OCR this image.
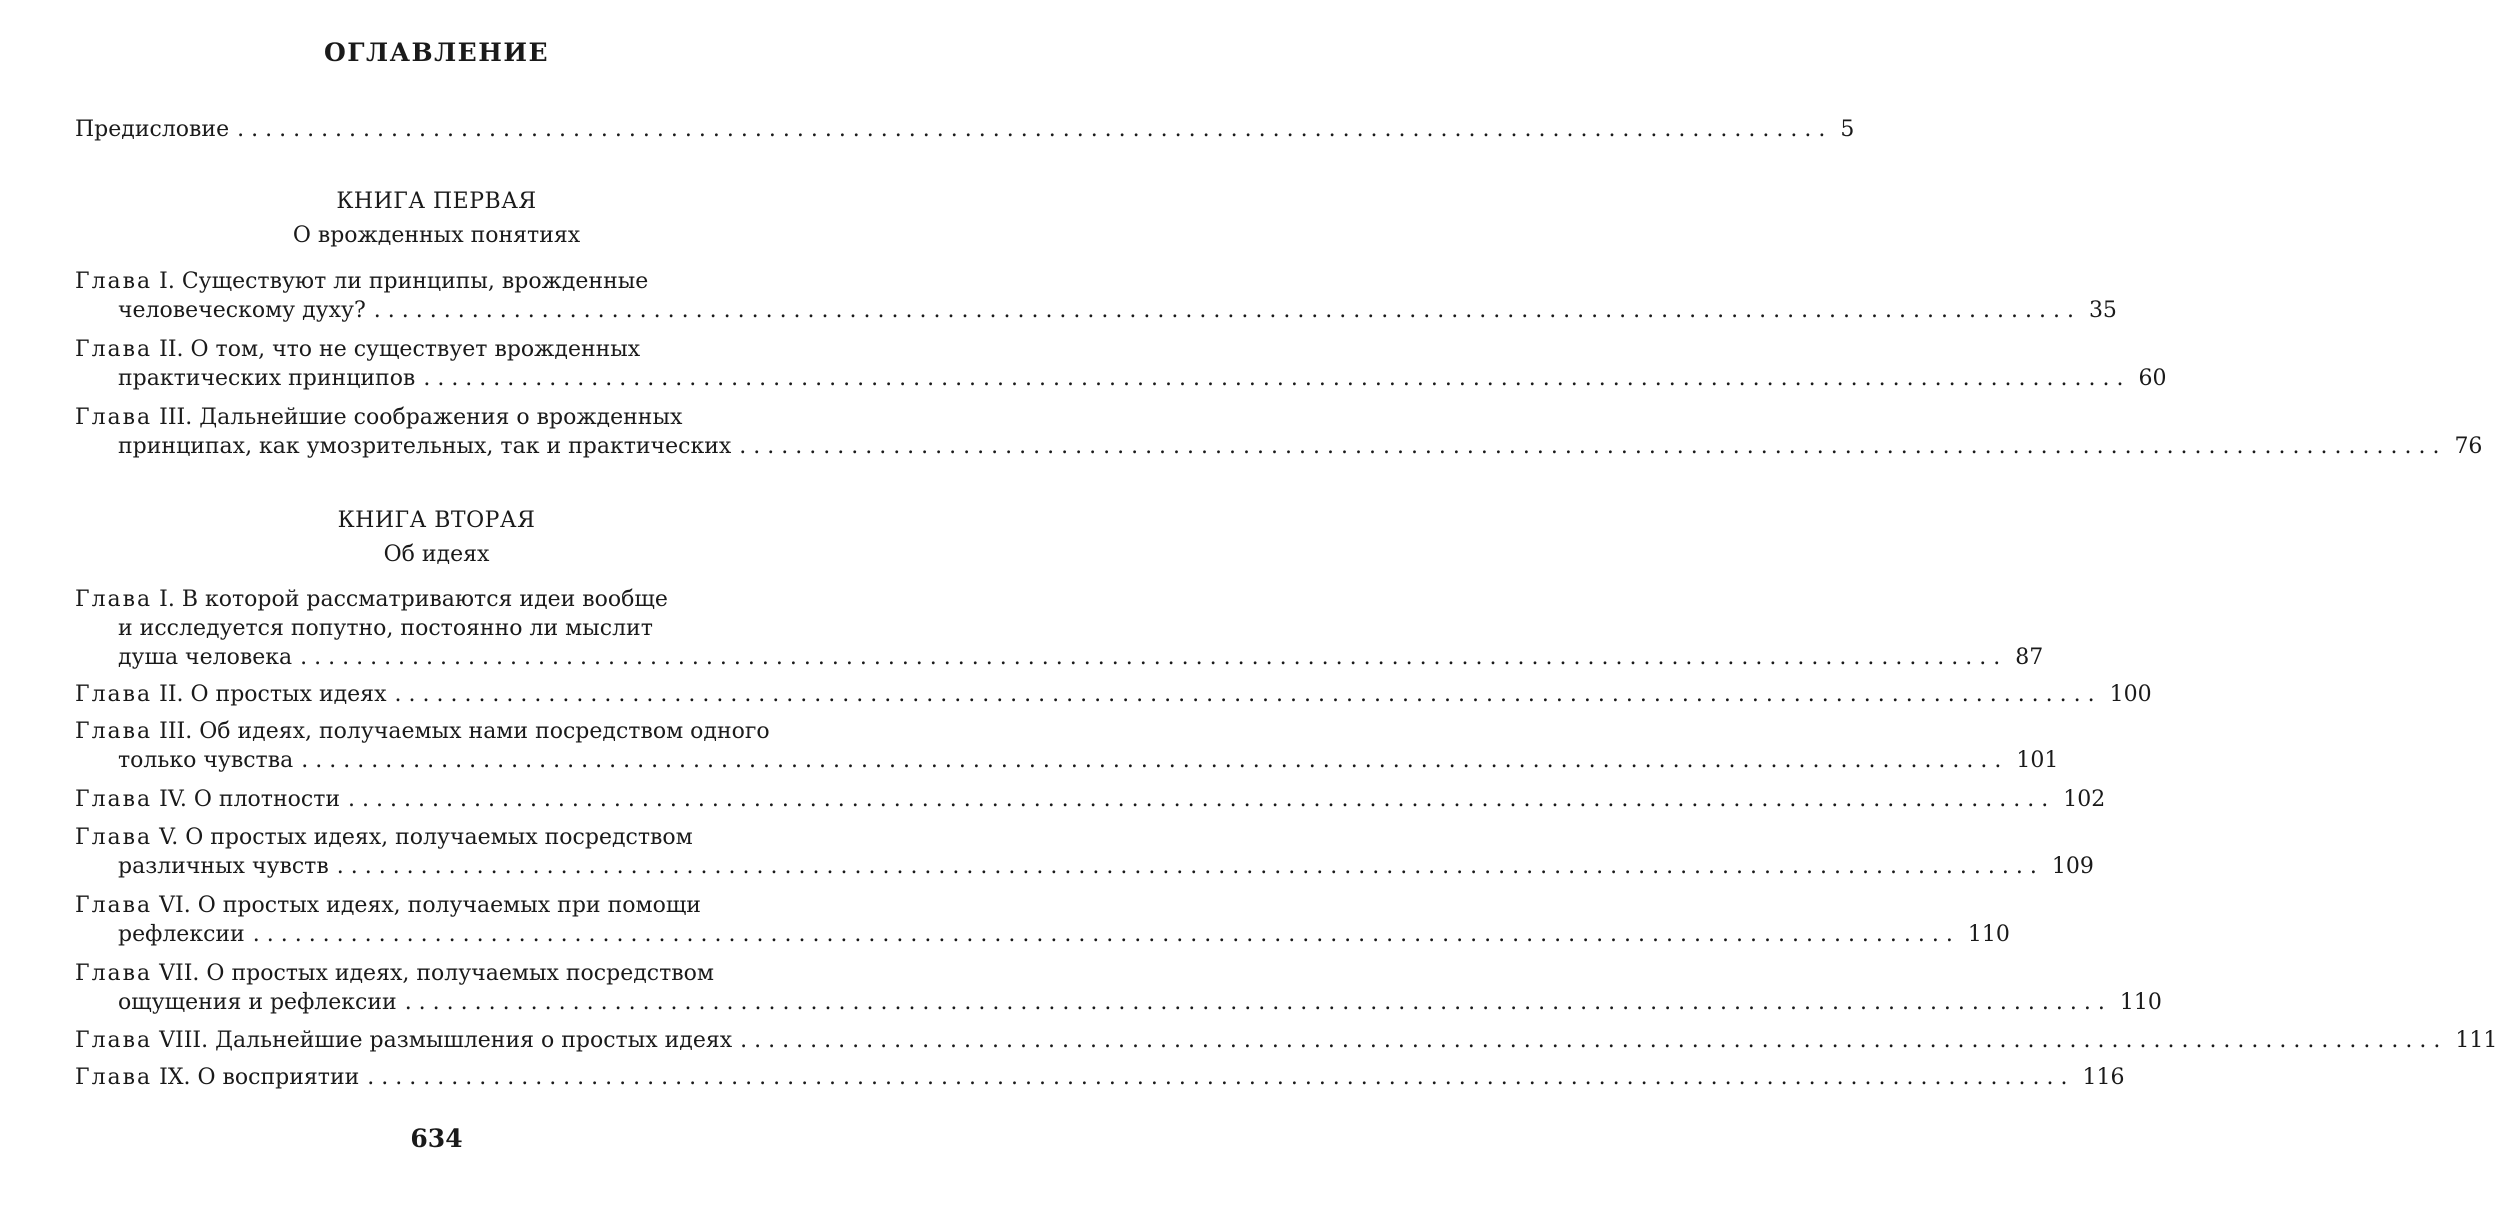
ОГЛАВЛЕНИЕ
Предисловие .................................................................................................................. 5
КНИГА ПЕРВАЯ
О врожденных понятиях
Глава I. Существуют ли принципы, врожденные
человеческому духу? .......................................................................................................................... 35
Глава II. О том, что не существует врожденных
практических принципов .......................................................................................................................... 60
Глава III. Дальнейшие соображения о врожденных
принципах, как умозрительных, так и практических .......................................................................................................................... 76
КНИГА ВТОРАЯ
Об идеях
Глава I. В которой рассматриваются идеи вообще
и исследуется попутно, постоянно ли мыслит
душа человека .......................................................................................................................... 87
Глава II. О простых идеях .......................................................................................................................... 100
Глава III. Об идеях, получаемых нами посредством одного
только чувства .......................................................................................................................... 101
Глава IV. О плотности .......................................................................................................................... 102
Глава V. О простых идеях, получаемых посредством
различных чувств .......................................................................................................................... 109
Глава VI. О простых идеях, получаемых при помощи
рефлексии .......................................................................................................................... 110
Глава VII. О простых идеях, получаемых посредством
ощущения и рефлексии .......................................................................................................................... 110
Глава VIII. Дальнейшие размышления о простых идеях .......................................................................................................................... 111
Глава IX. О восприятии .......................................................................................................................... 116
634
